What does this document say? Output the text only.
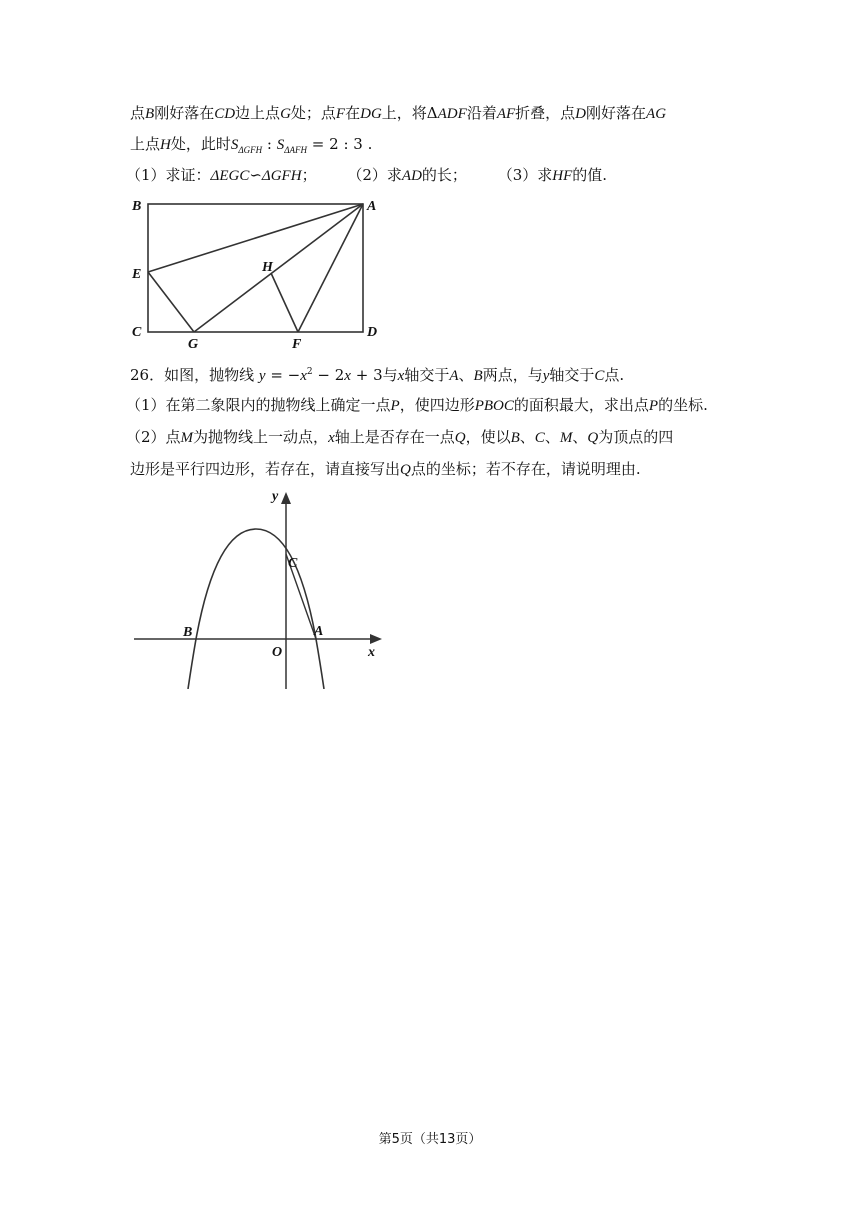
点B刚好落在CD边上点G处；点F在DG上，将ΔADF沿着AF折叠，点D刚好落在AG
上点H处，此时$S_{\Delta GFH}$ : $S_{\Delta AFH} = 2$ : 3 .
（1）求证：ΔEGC∽ΔGFH； （2）求AD的长； （3）求HF的值.
B	A
E	H
C
G	F
D
26．如图，抛物线 $y = -x^2 - 2x + 3$与x轴交于A、B两点，与y轴交于C点.
（1）在第二象限内的抛物线上确定一点P，使四边形PBOC的面积最大，求出点P的坐标.
（2）点M为抛物线上一动点，x轴上是否存在一点Q，使以B、C、M、Q为顶点的四
边形是平行四边形，若存在，请直接写出Q点的坐标；若不存在，请说明理由.
y
x
O
B	A
C
第5页（共13页）
